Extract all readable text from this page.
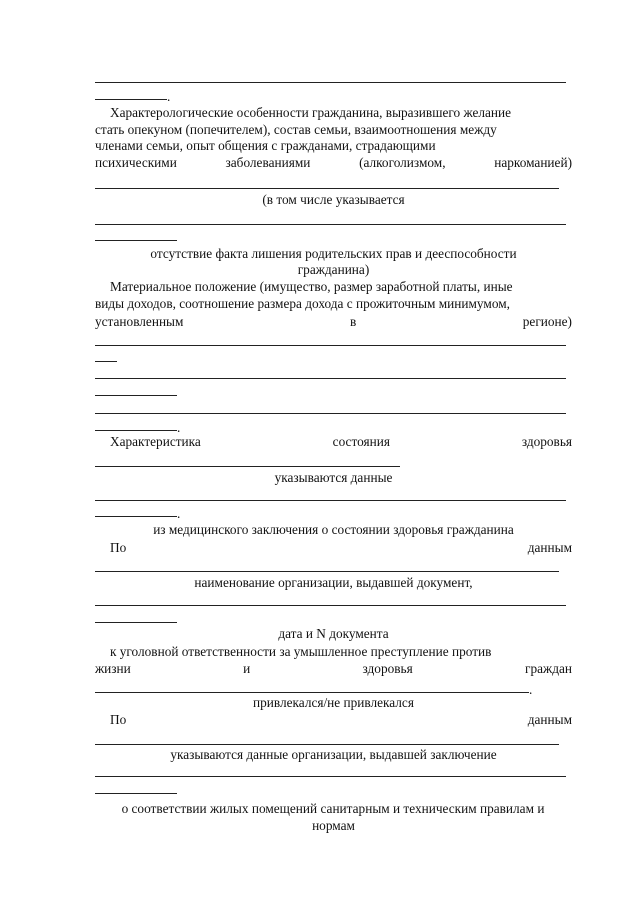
.
Характерологические особенности гражданина, выразившего желание
стать опекуном (попечителем), состав семьи, взаимоотношения между
членами семьи, опыт общения с гражданами, страдающими
психическими	заболеваниями	(алкоголизмом,	наркоманией)
(в том числе указывается
отсутствие факта лишения родительских прав и дееспособности
гражданина)
Материальное положение (имущество, размер заработной платы, иные
виды доходов, соотношение размера дохода с прожиточным минимумом,
установленным	в	регионе)
.
Характеристика	состояния	здоровья
указываются данные
.
из медицинского заключения о состоянии здоровья гражданина
По	данным
наименование организации, выдавшей документ,
дата и N документа
к уголовной ответственности за умышленное преступление против
жизни	и	здоровья	граждан
.
привлекался/не привлекался
По	данным
указываются данные организации, выдавшей заключение
о соответствии жилых помещений санитарным и техническим правилам и
нормам
